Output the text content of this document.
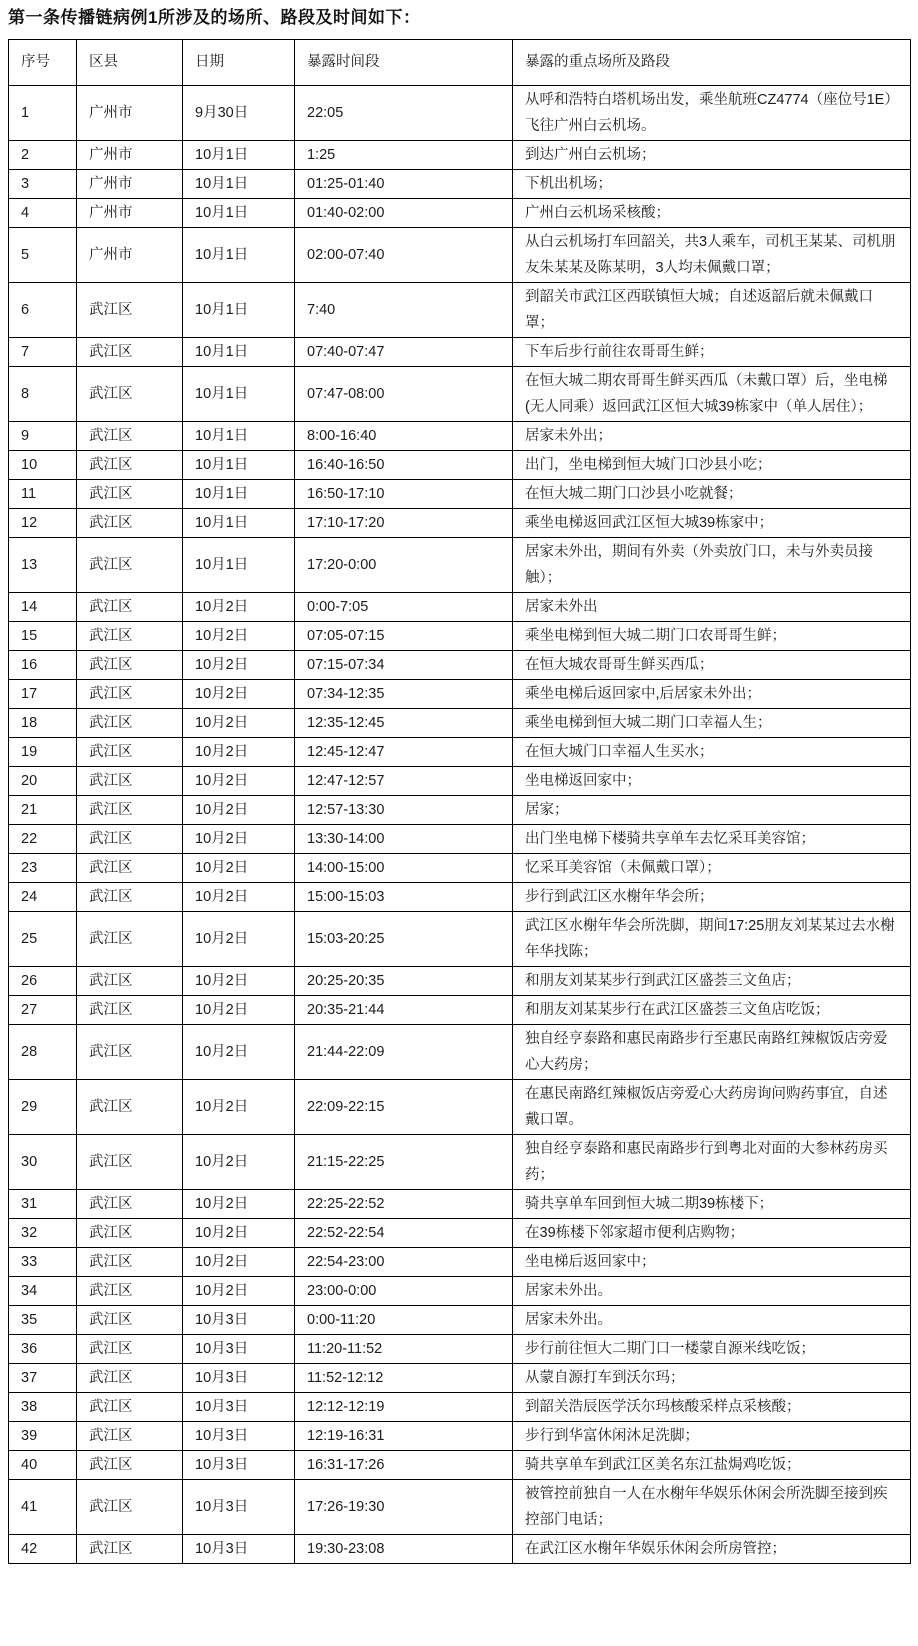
第一条传播链病例1所涉及的场所、路段及时间如下：
序号	区县	日期	暴露时间段	暴露的重点场所及路段
1	广州市	9月30日	22:05	从呼和浩特白塔机场出发，乘坐航班CZ4774（座位号1E）飞往广州白云机场。
2	广州市	10月1日	1:25	到达广州白云机场；
3	广州市	10月1日	01:25-01:40	下机出机场；
4	广州市	10月1日	01:40-02:00	广州白云机场采核酸；
5	广州市	10月1日	02:00-07:40	从白云机场打车回韶关，共3人乘车，司机王某某、司机朋友朱某某及陈某明，3人均未佩戴口罩；
6	武江区	10月1日	7:40	到韶关市武江区西联镇恒大城；自述返韶后就未佩戴口罩；
7	武江区	10月1日	07:40-07:47	下车后步行前往农哥哥生鲜；
8	武江区	10月1日	07:47-08:00	在恒大城二期农哥哥生鲜买西瓜（未戴口罩）后，坐电梯(无人同乘）返回武江区恒大城39栋家中（单人居住）；
9	武江区	10月1日	8:00-16:40	居家未外出；
10	武江区	10月1日	16:40-16:50	出门，坐电梯到恒大城门口沙县小吃；
11	武江区	10月1日	16:50-17:10	在恒大城二期门口沙县小吃就餐；
12	武江区	10月1日	17:10-17:20	乘坐电梯返回武江区恒大城39栋家中；
13	武江区	10月1日	17:20-0:00	居家未外出，期间有外卖（外卖放门口，未与外卖员接触）；
14	武江区	10月2日	0:00-7:05	居家未外出
15	武江区	10月2日	07:05-07:15	乘坐电梯到恒大城二期门口农哥哥生鲜；
16	武江区	10月2日	07:15-07:34	在恒大城农哥哥生鲜买西瓜；
17	武江区	10月2日	07:34-12:35	乘坐电梯后返回家中,后居家未外出；
18	武江区	10月2日	12:35-12:45	乘坐电梯到恒大城二期门口幸福人生；
19	武江区	10月2日	12:45-12:47	在恒大城门口幸福人生买水；
20	武江区	10月2日	12:47-12:57	坐电梯返回家中；
21	武江区	10月2日	12:57-13:30	居家；
22	武江区	10月2日	13:30-14:00	出门坐电梯下楼骑共享单车去忆采耳美容馆；
23	武江区	10月2日	14:00-15:00	忆采耳美容馆（未佩戴口罩）；
24	武江区	10月2日	15:00-15:03	步行到武江区水榭年华会所；
25	武江区	10月2日	15:03-20:25	武江区水榭年华会所洗脚，期间17:25朋友刘某某过去水榭年华找陈；
26	武江区	10月2日	20:25-20:35	和朋友刘某某步行到武江区盛荟三文鱼店；
27	武江区	10月2日	20:35-21:44	和朋友刘某某步行在武江区盛荟三文鱼店吃饭；
28	武江区	10月2日	21:44-22:09	独自经亨泰路和惠民南路步行至惠民南路红辣椒饭店旁爱心大药房；
29	武江区	10月2日	22:09-22:15	在惠民南路红辣椒饭店旁爱心大药房询问购药事宜，自述戴口罩。
30	武江区	10月2日	21:15-22:25	独自经亨泰路和惠民南路步行到粤北对面的大参林药房买药；
31	武江区	10月2日	22:25-22:52	骑共享单车回到恒大城二期39栋楼下；
32	武江区	10月2日	22:52-22:54	在39栋楼下邻家超市便利店购物；
33	武江区	10月2日	22:54-23:00	坐电梯后返回家中；
34	武江区	10月2日	23:00-0:00	居家未外出。
35	武江区	10月3日	0:00-11:20	居家未外出。
36	武江区	10月3日	11:20-11:52	步行前往恒大二期门口一楼蒙自源米线吃饭；
37	武江区	10月3日	11:52-12:12	从蒙自源打车到沃尔玛；
38	武江区	10月3日	12:12-12:19	到韶关浩辰医学沃尔玛核酸采样点采核酸；
39	武江区	10月3日	12:19-16:31	步行到华富休闲沐足洗脚；
40	武江区	10月3日	16:31-17:26	骑共享单车到武江区美名东江盐焗鸡吃饭；
41	武江区	10月3日	17:26-19:30	被管控前独自一人在水榭年华娱乐休闲会所洗脚至接到疾控部门电话；
42	武江区	10月3日	19:30-23:08	在武江区水榭年华娱乐休闲会所房管控；
